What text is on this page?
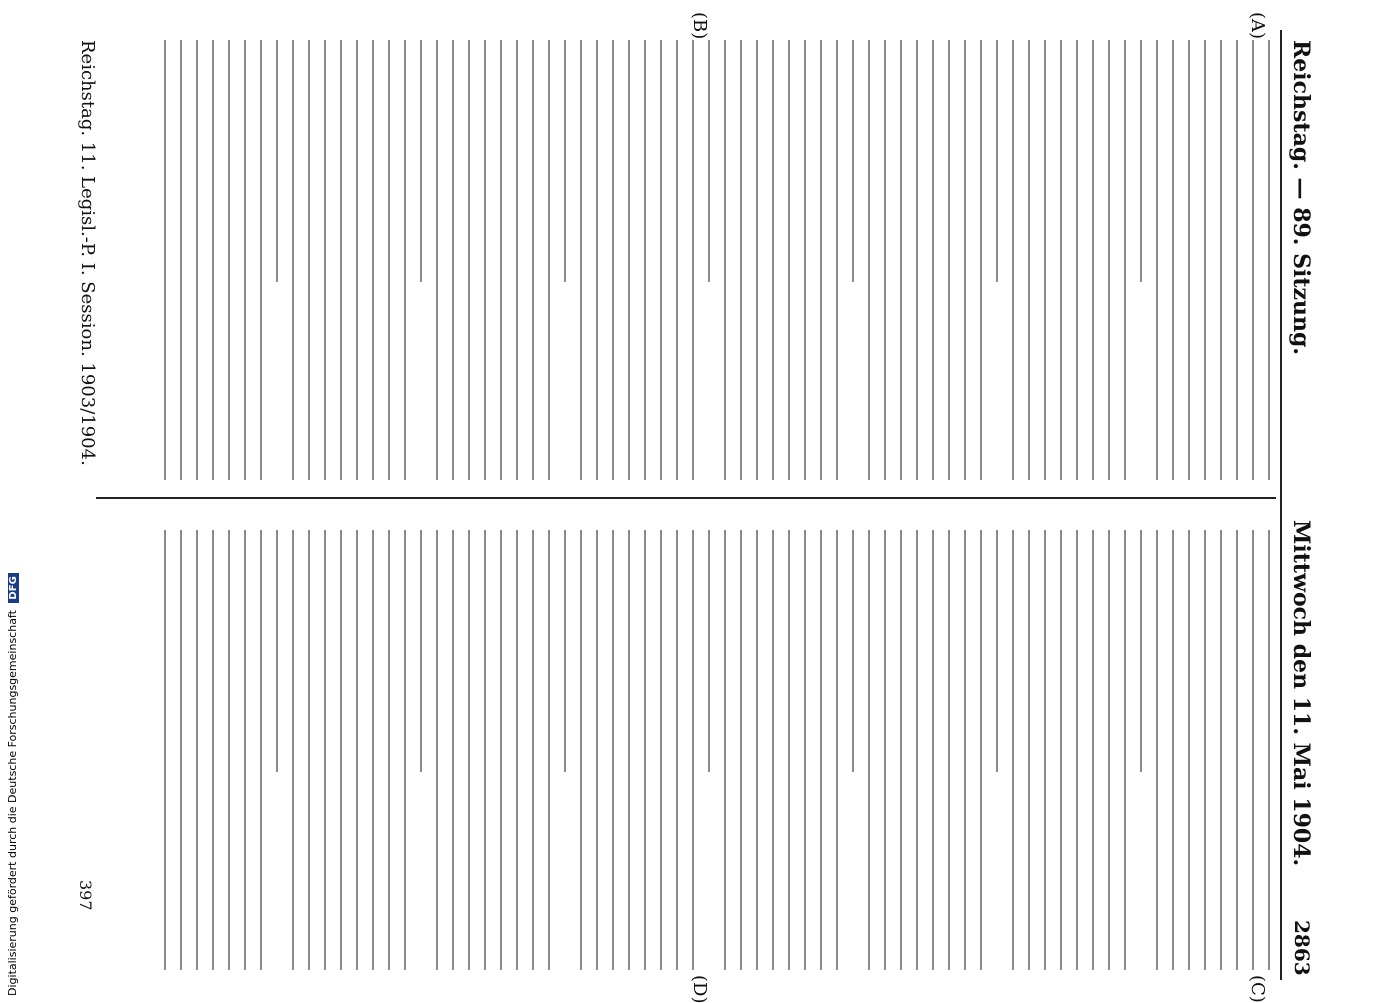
Reichstag. — 89. Sitzung.
Mittwoch den 11. Mai 1904.
2863
(A)
(B)
(C)
(D)
Reichstag. 11. Legisl.-P. I. Session. 1903/1904.
397
Digitalisierung gefördert durch die Deutsche Forschungsgemeinschaft DFG
